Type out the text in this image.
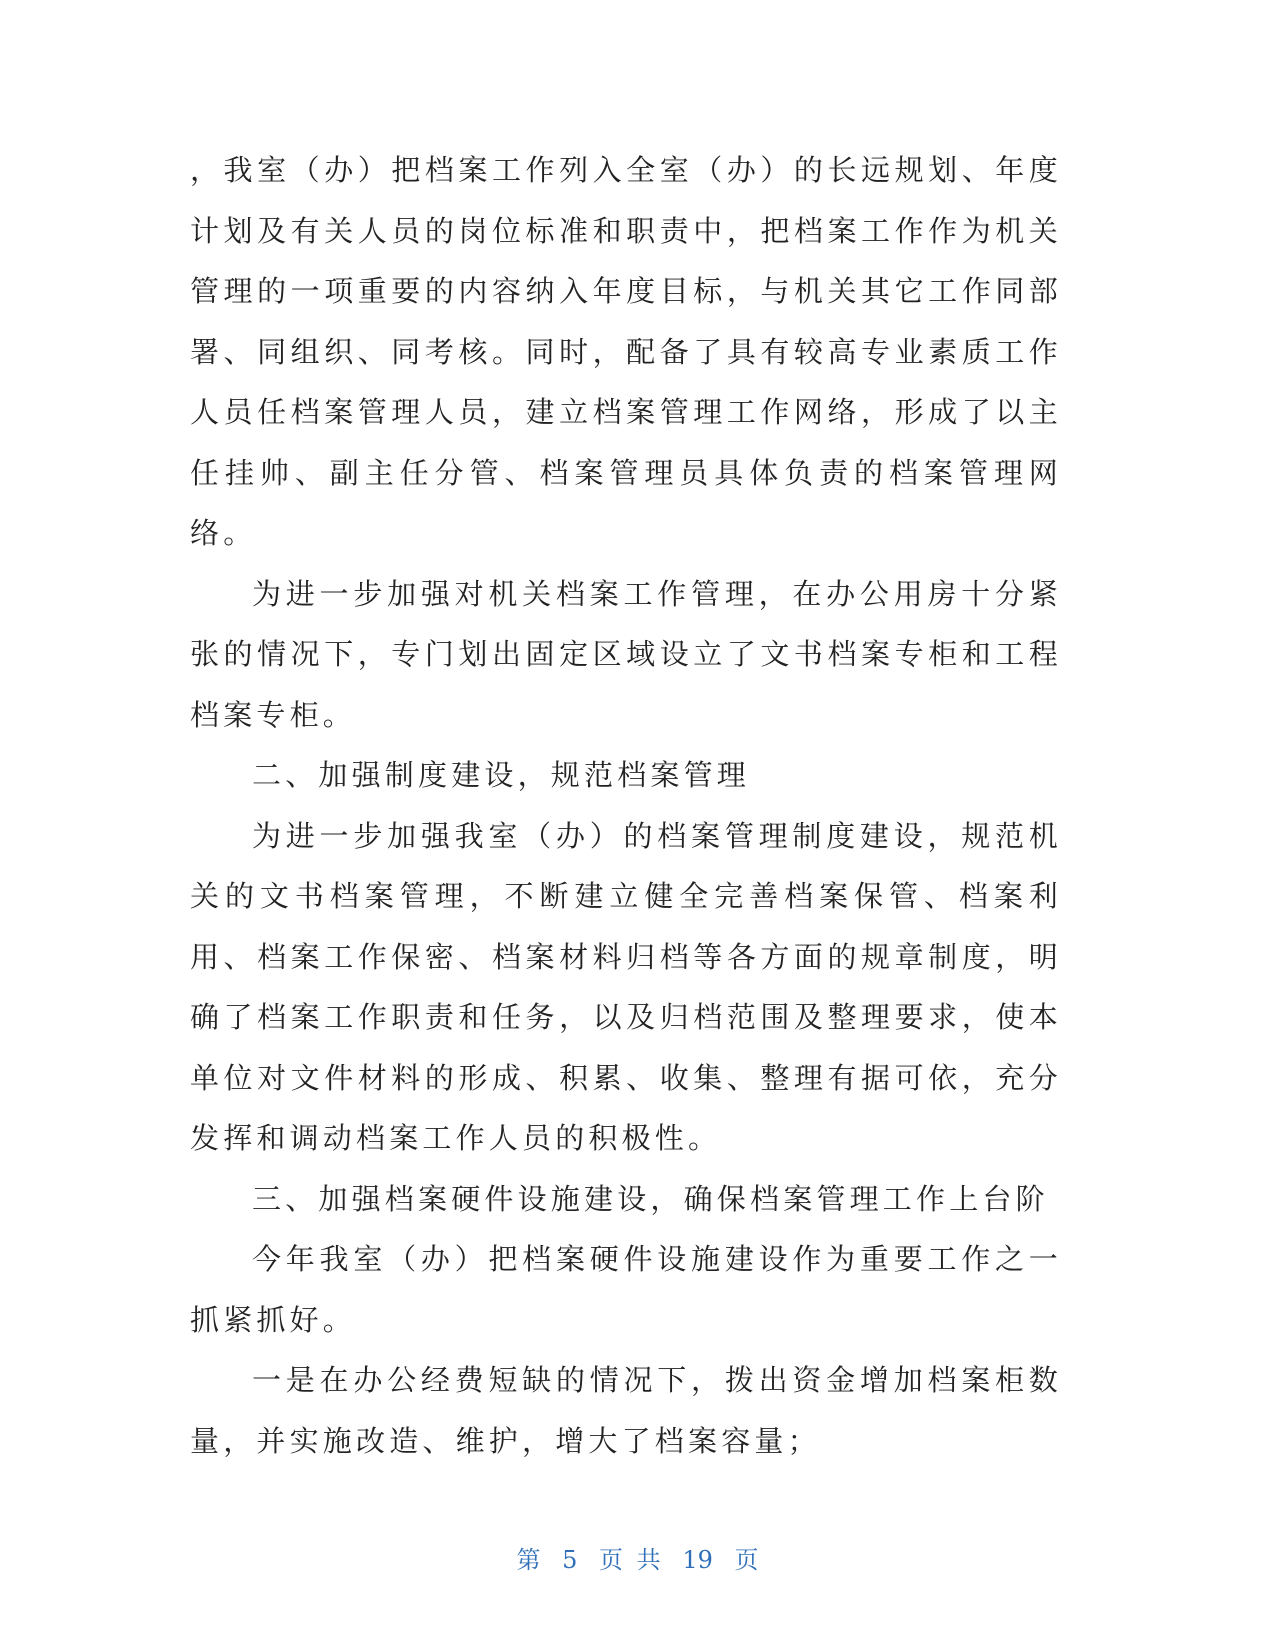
，我室（办）把档案工作列入全室（办）的长远规划、年度计划及有关人员的岗位标准和职责中，把档案工作作为机关管理的一项重要的内容纳入年度目标，与机关其它工作同部署、同组织、同考核。同时，配备了具有较高专业素质工作人员任档案管理人员，建立档案管理工作网络，形成了以主任挂帅、副主任分管、档案管理员具体负责的档案管理网络。

为进一步加强对机关档案工作管理，在办公用房十分紧张的情况下，专门划出固定区域设立了文书档案专柜和工程档案专柜。

二、加强制度建设，规范档案管理

为进一步加强我室（办）的档案管理制度建设，规范机关的文书档案管理，不断建立健全完善档案保管、档案利用、档案工作保密、档案材料归档等各方面的规章制度，明确了档案工作职责和任务，以及归档范围及整理要求，使本单位对文件材料的形成、积累、收集、整理有据可依，充分发挥和调动档案工作人员的积极性。

三、加强档案硬件设施建设，确保档案管理工作上台阶

今年我室（办）把档案硬件设施建设作为重要工作之一抓紧抓好。

一是在办公经费短缺的情况下，拨出资金增加档案柜数量，并实施改造、维护，增大了档案容量；

第 5 页 共 19 页
